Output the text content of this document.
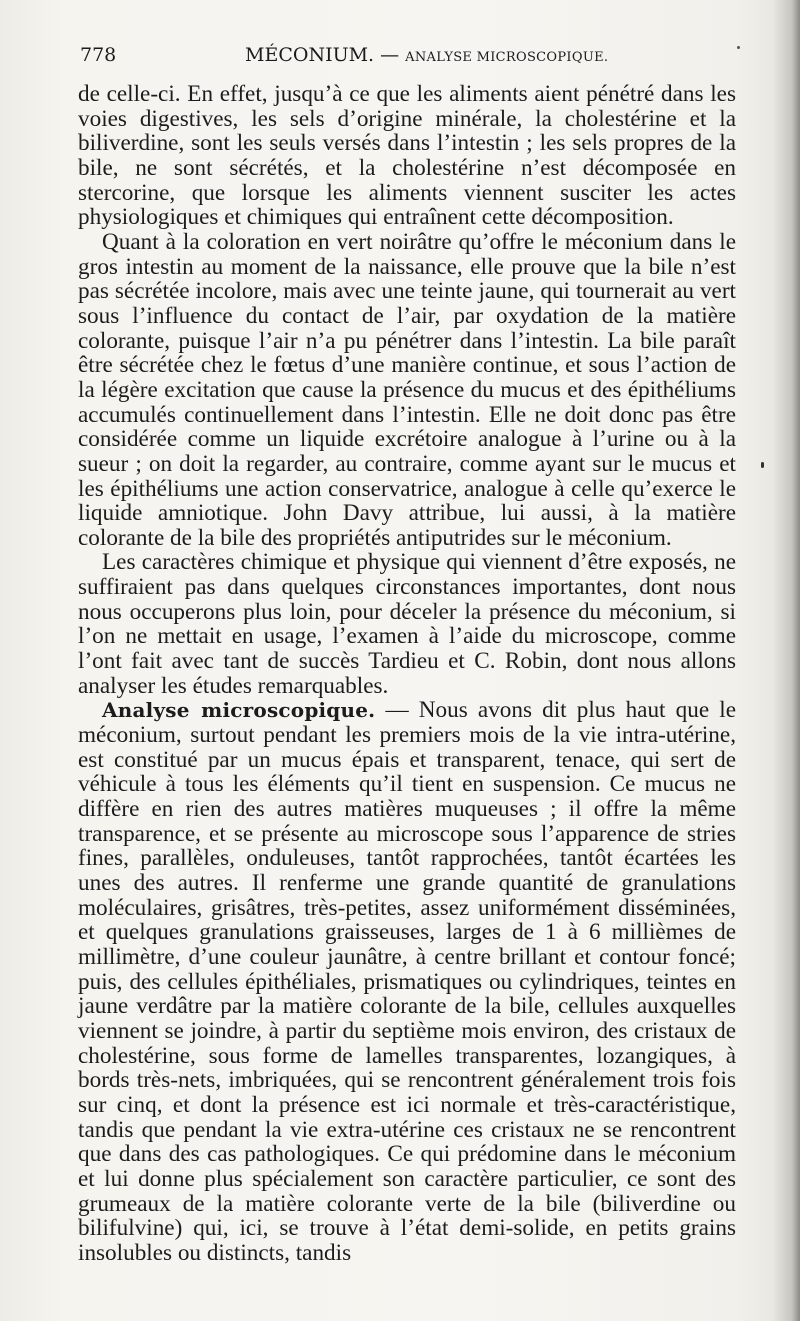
778	MÉCONIUM. — ANALYSE MICROSCOPIQUE.

de celle-ci. En effet, jusqu’à ce que les aliments aient pénétré dans les voies digestives, les sels d’origine minérale, la cholestérine et la biliverdine, sont les seuls versés dans l’intestin ; les sels propres de la bile, ne sont sécrétés, et la cholestérine n’est décomposée en stercorine, que lorsque les aliments viennent susciter les actes physiologiques et chimiques qui entraînent cette décomposition.

Quant à la coloration en vert noirâtre qu’offre le méconium dans le gros intestin au moment de la naissance, elle prouve que la bile n’est pas sécrétée incolore, mais avec une teinte jaune, qui tournerait au vert sous l’influence du contact de l’air, par oxydation de la matière colorante, puisque l’air n’a pu pénétrer dans l’intestin. La bile paraît être sécrétée chez le fœtus d’une manière continue, et sous l’action de la légère excitation que cause la présence du mucus et des épithéliums accumulés continuellement dans l’intestin. Elle ne doit donc pas être considérée comme un liquide excrétoire analogue à l’urine ou à la sueur ; on doit la regarder, au contraire, comme ayant sur le mucus et les épithéliums une action conservatrice, analogue à celle qu’exerce le liquide amniotique. John Davy attribue, lui aussi, à la matière colorante de la bile des propriétés antiputrides sur le méconium.

Les caractères chimique et physique qui viennent d’être exposés, ne suffiraient pas dans quelques circonstances importantes, dont nous nous occuperons plus loin, pour déceler la présence du méconium, si l’on ne mettait en usage, l’examen à l’aide du microscope, comme l’ont fait avec tant de succès Tardieu et C. Robin, dont nous allons analyser les études remarquables.

Analyse microscopique. — Nous avons dit plus haut que le méconium, surtout pendant les premiers mois de la vie intra-utérine, est constitué par un mucus épais et transparent, tenace, qui sert de véhicule à tous les éléments qu’il tient en suspension. Ce mucus ne diffère en rien des autres matières muqueuses ; il offre la même transparence, et se présente au microscope sous l’apparence de stries fines, parallèles, onduleuses, tantôt rapprochées, tantôt écartées les unes des autres. Il renferme une grande quantité de granulations moléculaires, grisâtres, très-petites, assez uniformément disséminées, et quelques granulations graisseuses, larges de 1 à 6 millièmes de millimètre, d’une couleur jaunâtre, à centre brillant et contour foncé; puis, des cellules épithéliales, prismatiques ou cylindriques, teintes en jaune verdâtre par la matière colorante de la bile, cellules auxquelles viennent se joindre, à partir du septième mois environ, des cristaux de cholestérine, sous forme de lamelles transparentes, lozangiques, à bords très-nets, imbriquées, qui se rencontrent généralement trois fois sur cinq, et dont la présence est ici normale et très-caractéristique, tandis que pendant la vie extra-utérine ces cristaux ne se rencontrent que dans des cas pathologiques. Ce qui prédomine dans le méconium et lui donne plus spécialement son caractère particulier, ce sont des grumeaux de la matière colorante verte de la bile (biliverdine ou bilifulvine) qui, ici, se trouve à l’état demi-solide, en petits grains insolubles ou distincts, tandis
